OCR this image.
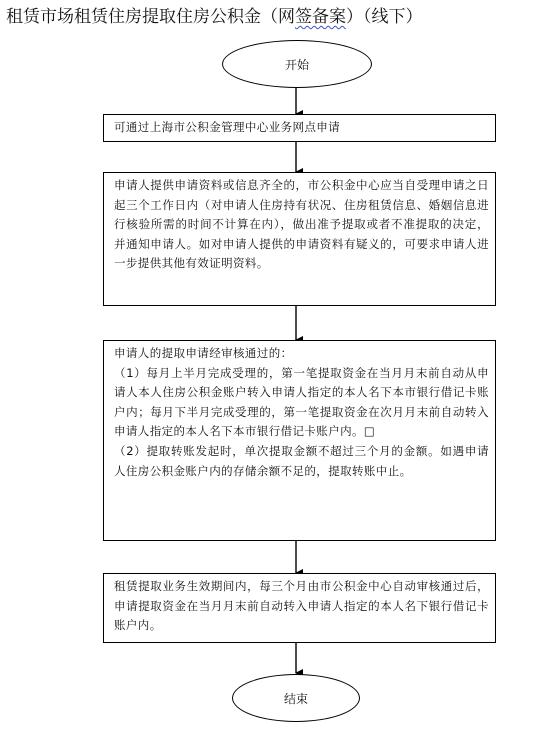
租赁市场租赁住房提取住房公积金（网签备案）（线下）
开始
可通过上海市公积金管理中心业务网点申请

申请人提供申请资料或信息齐全的，市公积金中心应当自受理申请之日起三个工作日内（对申请人住房持有状况、住房租赁信息、婚姻信息进行核验所需的时间不计算在内），做出准予提取或者不准提取的决定，并通知申请人。如对申请人提供的申请资料有疑义的，可要求申请人进一步提供其他有效证明资料。

申请人的提取申请经审核通过的：

（1）每月上半月完成受理的，第一笔提取资金在当月月末前自动从申请人本人住房公积金账户转入申请人指定的本人名下本市银行借记卡账户内；每月下半月完成受理的，第一笔提取资金在次月月末前自动转入申请人指定的本人名下本市银行借记卡账户内。□

（2）提取转账发起时，单次提取金额不超过三个月的金额。如遇申请人住房公积金账户内的存储余额不足的，提取转账中止。

租赁提取业务生效期间内，每三个月由市公积金中心自动审核通过后，申请提取资金在当月月末前自动转入申请人指定的本人名下银行借记卡账户内。

结束
